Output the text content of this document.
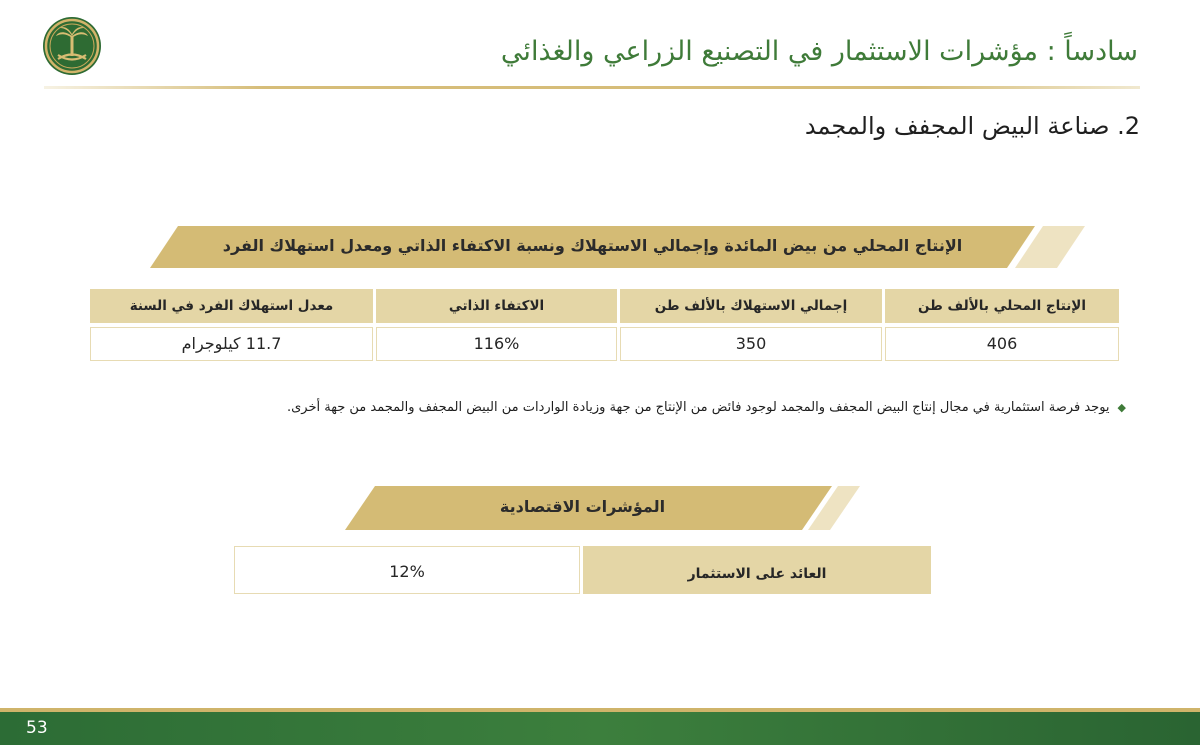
سادساً : مؤشرات الاستثمار في التصنيع الزراعي والغذائي
2. صناعة البيض المجفف والمجمد
الإنتاج المحلي من بيض المائدة وإجمالي الاستهلاك ونسبة الاكتفاء الذاتي ومعدل استهلاك الفرد
الإنتاج المحلي بالألف طن
إجمالي الاستهلاك بالألف طن
الاكتفاء الذاتي
معدل استهلاك الفرد في السنة
406
350
116%
11.7 كيلوجرام
◆يوجد فرصة استثمارية في مجال إنتاج البيض المجفف والمجمد لوجود فائض من الإنتاج من جهة وزيادة الواردات من البيض المجفف والمجمد من جهة أخرى.
المؤشرات الاقتصادية
العائد على الاستثمار
12%
53
